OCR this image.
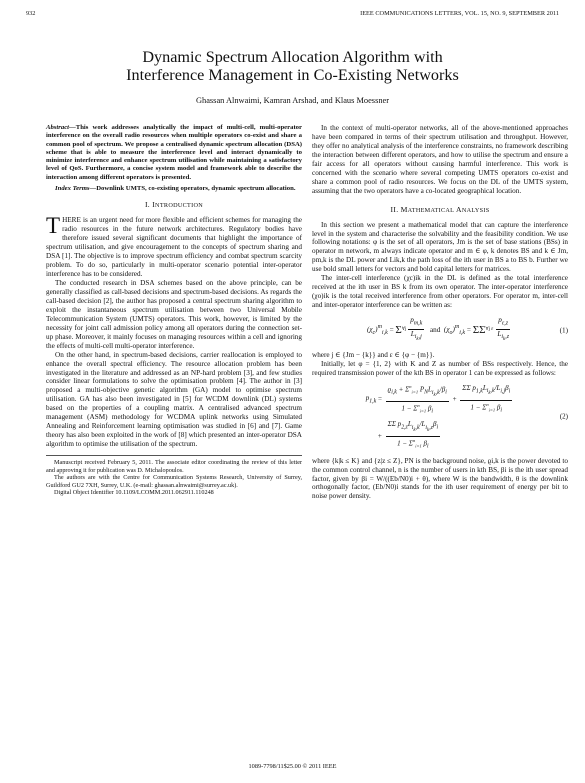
932	IEEE COMMUNICATIONS LETTERS, VOL. 15, NO. 9, SEPTEMBER 2011
Dynamic Spectrum Allocation Algorithm with
Interference Management in Co-Existing Networks
Ghassan Alnwaimi, Kamran Arshad, and Klaus Moessner

Abstract—This work addresses analytically the impact of multi-cell, multi-operator interference on the overall radio resources when multiple operators co-exist and share a common pool of spectrum. We propose a centralised dynamic spectrum allocation (DSA) scheme that is able to measure the interference level and interact dynamically to minimize interference and enhance spectrum utilisation while maintaining a satisfactory level of QoS. Furthermore, a concise system model and framework able to describe the interaction among different operators is presented.

Index Terms—Downlink UMTS, co-existing operators, dynamic spectrum allocation.

I. INTRODUCTION

THERE is an urgent need for more flexible and efficient schemes for managing the radio resources in the future network architectures. Regulatory bodies have therefore issued several significant documents that highlight the importance of spectrum utilisation, and give encouragement to the concepts of spectrum sharing and DSA [1]. The objective is to improve spectrum efficiency and combat spectrum scarcity problem. To do so, particularly in multi-operator scenario potential inter-operator interference has to be considered.

The conducted research in DSA schemes based on the above principle, can be generally classified as call-based decisions and spectrum-based decisions. As regards the call-based decision [2], the author has proposed a central spectrum sharing algorithm to exploit the instantaneous spectrum utilisation between two Universal Mobile Telecommunication System (UMTS) operators. This work, however, is limited by the necessity for joint call admission policy among all operators during the connection set-up phase. Moreover, it mainly focuses on managing resources within a cell and ignoring the effects of multi-cell multi-operator interference.

On the other hand, in spectrum-based decisions, carrier reallocation is employed to enhance the overall spectral efficiency. The resource allocation problem has been investigated in the literature and addressed as an NP-hard problem [3], and few studies consider linear formulations to solve the optimisation problem [4]. The author in [3] proposed a multi-objective genetic algorithm (GA) model to optimise spectrum utilisation. GA has also been investigated in [5] for WCDM downlink (DL) systems based on the properties of a coupling matrix. A centralised advanced spectrum management (ASM) methodology for WCDMA uplink networks using Simulated Annealing and Reinforcement learning optimisation was studied in [6] and [7]. Game theory has also been exploited in the work of [8] which presented an inter-operator DSA algorithm to optimise the utilisation of the spectrum.

Manuscript received February 5, 2011. The associate editor coordinating the review of this letter and approving it for publication was D. Michalopoulos.

The authors are with the Centre for Communication Systems Research, University of Surrey, Guildford GU2 7XH, Surrey, U.K. (e-mail: ghassan.alnwaimi@surrey.ac.uk).

Digital Object Identifier 10.1109/LCOMM.2011.062911.110248

In the context of multi-operator networks, all of the above-mentioned approaches have been compared in terms of their spectrum utilisation and throughput. However, they offer no analytical analysis of the interference constraints, no framework describing the interaction between different operators, and how to utilise the spectrum and ensure a fair access for all operators without causing harmful interference. This work is concerned with the scenario where several competing UMTS operators co-exist and share a common pool of radio resources. We focus on the DL of the UMTS system, assuming that the two operators have a co-located geographical location.

II. MATHEMATICAL ANALYSIS

In this section we present a mathematical model that can capture the interference level in the system and characterise the solvability and the feasibility condition. We use following notations: φ is the set of all operators, Jm is the set of base stations (BSs) in operator m network, m always indicate operator and m ∈ φ, k denotes BS and k ∈ Jm, pm,k is the DL power and Lik,k the path loss of the ith user in BS a to BS b. Further we use bold small letters for vectors and bold capital letters for matrices.

The inter-cell interference (χc)ik in the DL is defined as the total interference received at the ith user in BS k from its own operator. The inter-operator interference (χo)ik is the total received interference from other operators. For operator m, inter-cell and inter-operator interference can be written as:

$(\chi_c)^m_{i,k} = \Sigma$ ∀j $\frac{p_{m,k}}{L_{i_k,j}}$
and
$(\chi_o)^m_{i,k} = \Sigma\Sigma$ ∀j ε $\frac{p_{\varepsilon,z}}{L_{i_k,z}}$	(1)

where j ∈ {Jm − {k}} and ε ∈ {φ − {m}}.

Initially, let φ = {1, 2} with K and Z as number of BSs respectively. Hence, the required transmission power of the kth BS in operator 1 can be expressed as follows:

$p_{1,k} = \frac{ϱ_{i,k} + \Sigma^n_{i=1} P_NL_{i_k,k}/\beta_i}{1 - \Sigma^n_{i=1} \beta_i} + \frac{\Sigma\Sigma p_{1,k}L_{i_k,k}/L_{i,j}\beta_i}{1 - \Sigma^n_{i=1} \beta_i}$
+ $\frac{\Sigma\Sigma p_{2,z}L_{i_k,k}/L_{i_k,z}\beta_i}{1 - \Sigma^n_{i=1} \beta_i}$
(2)

where {k|k ≤ K} and {z|z ≤ Z}, PN is the background noise, ϱi,k is the power devoted to the common control channel, n is the number of users in kth BS, βi is the ith user spread factor, given by βi = W/((Eb/N0)i + θ), where W is the bandwidth, θ is the downlink orthogonally factor, (Eb/N0)i stands for the ith user requirement of energy per bit to noise power density.

1089-7798/11$25.00 © 2011 IEEE
